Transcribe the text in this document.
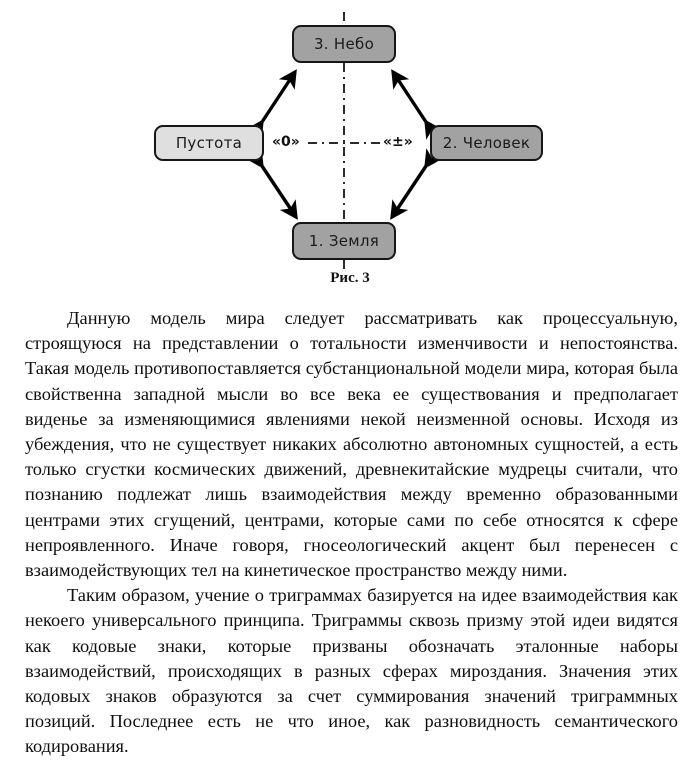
3. Небо
Пустота	2. Человек
1. Земля
«0»	«±»
Рис. 3

Данную модель мира следует рассматривать как процессуальную, строящуюся на представлении о тотальности изменчивости и непостоянства. Такая модель противопоставляется субстанциональной модели мира, которая была свойственна западной мысли во все века ее существования и предполагает виденье за изменяющимися явлениями некой неизменной основы. Исходя из убеждения, что не существует никаких абсолютно автономных сущностей, а есть только сгустки космических движений, древнекитайские мудрецы считали, что познанию подлежат лишь взаимодействия между временно образованными центрами этих сгущений, центрами, которые сами по себе относятся к сфере непроявленного. Иначе говоря, гносеологический акцент был перенесен с взаимодействующих тел на кинетическое пространство между ними.

Таким образом, учение о триграммах базируется на идее взаимодействия как некоего универсального принципа. Триграммы сквозь призму этой идеи видятся как кодовые знаки, которые призваны обозначать эталонные наборы взаимодействий, происходящих в разных сферах мироздания. Значения этих кодовых знаков образуются за счет суммирования значений триграммных позиций. Последнее есть не что иное, как разновидность семантического кодирования.
